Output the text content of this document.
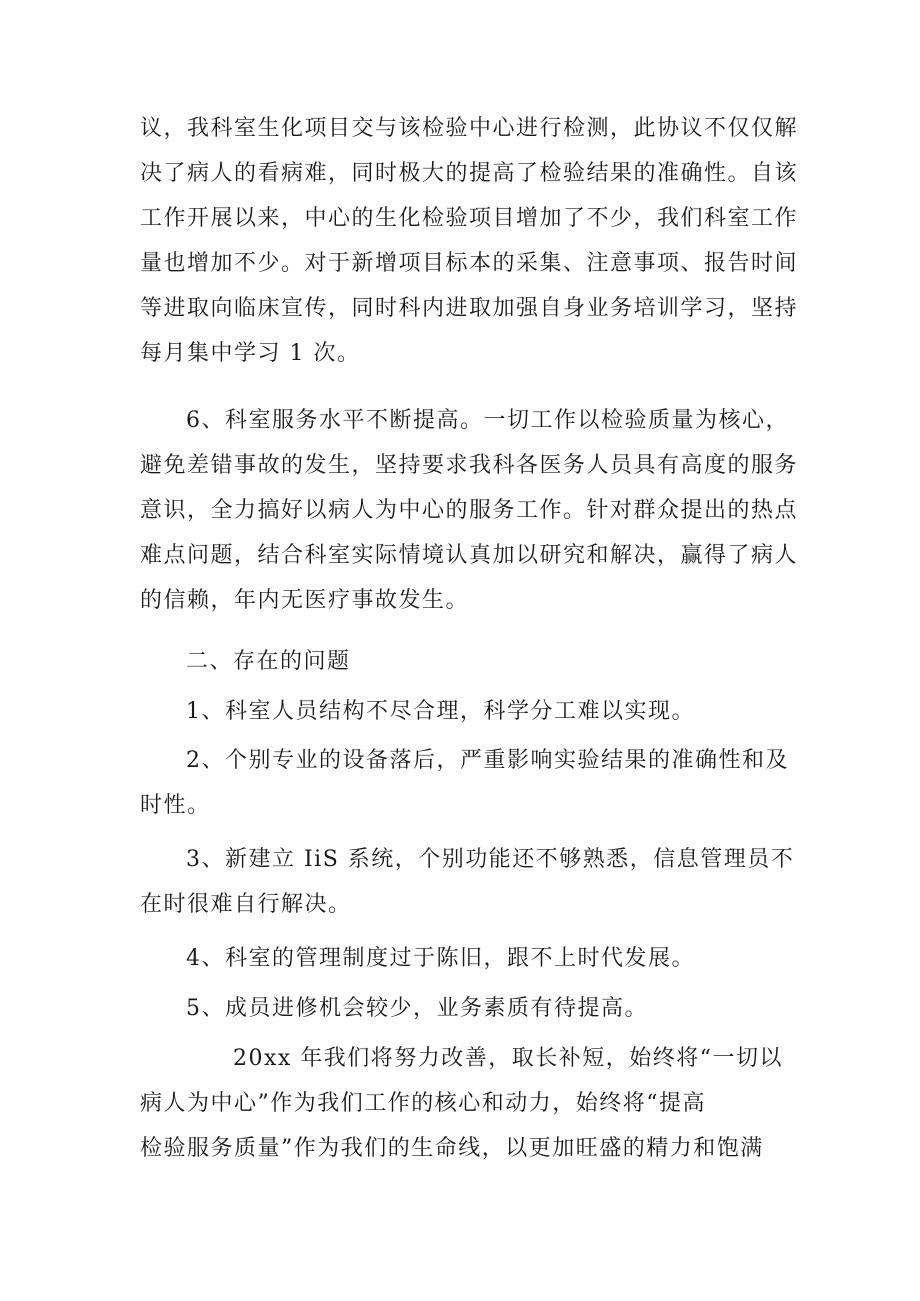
议，我科室生化项目交与该检验中心进行检测，此协议不仅仅解
决了病人的看病难，同时极大的提高了检验结果的准确性。自该
工作开展以来，中心的生化检验项目增加了不少，我们科室工作
量也增加不少。对于新增项目标本的采集、注意事项、报告时间
等进取向临床宣传，同时科内进取加强自身业务培训学习，坚持
每月集中学习 1 次。
6、科室服务水平不断提高。一切工作以检验质量为核心，
避免差错事故的发生，坚持要求我科各医务人员具有高度的服务
意识，全力搞好以病人为中心的服务工作。针对群众提出的热点
难点问题，结合科室实际情境认真加以研究和解决，赢得了病人
的信赖，年内无医疗事故发生。
二、存在的问题
1、科室人员结构不尽合理，科学分工难以实现。
2、个别专业的设备落后，严重影响实验结果的准确性和及
时性。
3、新建立 IiS 系统，个别功能还不够熟悉，信息管理员不
在时很难自行解决。
4、科室的管理制度过于陈旧，跟不上时代发展。
5、成员进修机会较少，业务素质有待提高。
20xx 年我们将努力改善，取长补短，始终将“一切以
病人为中心”作为我们工作的核心和动力，始终将“提高
检验服务质量”作为我们的生命线，以更加旺盛的精力和饱满
